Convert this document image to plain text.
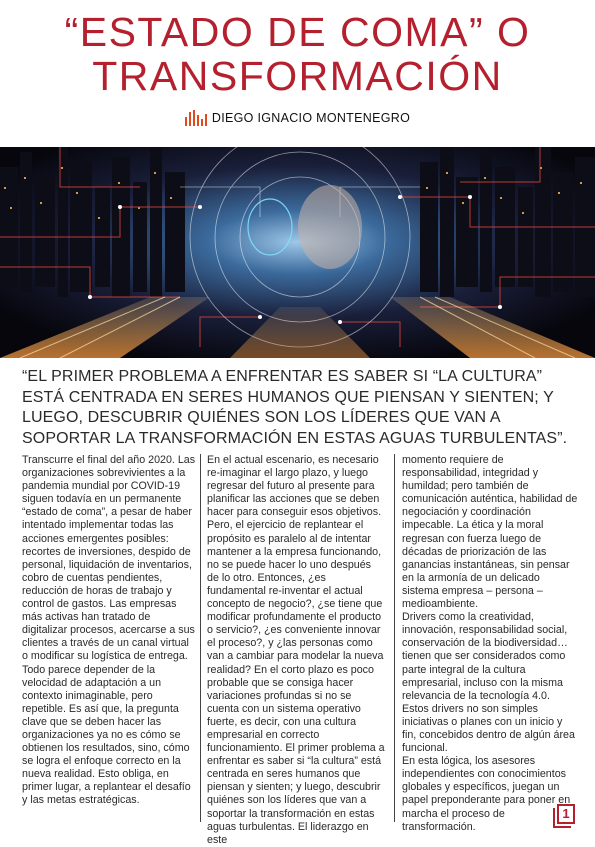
“ESTADO DE COMA” O
TRANSFORMACIÓN
DIEGO IGNACIO MONTENEGRO

“EL PRIMER PROBLEMA A ENFRENTAR ES SABER SI “LA CULTURA” ESTÁ CENTRADA EN SERES HUMANOS QUE PIENSAN Y SIENTEN; Y LUEGO, DESCUBRIR QUIÉNES SON LOS LÍDERES QUE VAN A SOPORTAR LA TRANSFORMACIÓN EN ESTAS AGUAS TURBULENTAS”.

Transcurre el final del año 2020. Las organizaciones sobrevivientes a la pandemia mundial por COVID-19 siguen todavía en un permanente “estado de coma”, a pesar de haber intentado implementar todas las acciones emergentes posibles: recortes de inversiones, despido de personal, liquidación de inventarios, cobro de cuentas pendientes, reducción de horas de trabajo y control de gastos. Las empresas más activas han tratado de digitalizar procesos, acercarse a sus clientes a través de un canal virtual o modificar su logística de entrega. Todo parece depender de la velocidad de adaptación a un contexto inimaginable, pero repetible. Es así que, la pregunta clave que se deben hacer las organizaciones ya no es cómo se obtienen los resultados, sino, cómo se logra el enfoque correcto en la nueva realidad. Esto obliga, en primer lugar, a replantear el desafío y las metas estratégicas.

En el actual escenario, es necesario re-imaginar el largo plazo, y luego regresar del futuro al presente para planificar las acciones que se deben hacer para conseguir esos objetivos. Pero, el ejercicio de replantear el propósito es paralelo al de intentar mantener a la empresa funcionando, no se puede hacer lo uno después de lo otro. Entonces, ¿es fundamental re-inventar el actual concepto de negocio?, ¿se tiene que modificar profundamente el producto o servicio?, ¿es conveniente innovar el proceso?, y ¿las personas como van a cambiar para modelar la nueva realidad? En el corto plazo es poco probable que se consiga hacer variaciones profundas si no se cuenta con un sistema operativo fuerte, es decir, con una cultura empresarial en correcto funcionamiento. El primer problema a enfrentar es saber si “la cultura” está centrada en seres humanos que piensan y sienten; y luego, descubrir quiénes son los líderes que van a soportar la transformación en estas aguas turbulentas. El liderazgo en este

momento requiere de responsabilidad, integridad y humildad; pero también de comunicación auténtica, habilidad de negociación y coordinación impecable. La ética y la moral regresan con fuerza luego de décadas de priorización de las ganancias instantáneas, sin pensar en la armonía de un delicado sistema empresa – persona – medioambiente.
Drivers como la creatividad, innovación, responsabilidad social, conservación de la biodiversidad… tienen que ser considerados como parte integral de la cultura empresarial, incluso con la misma relevancia de la tecnología 4.0. Estos drivers no son simples iniciativas o planes con un inicio y fin, concebidos dentro de algún área funcional.
En esta lógica, los asesores independientes con conocimientos globales y específicos, juegan un papel preponderante para poner en marcha el proceso de transformación.

1
